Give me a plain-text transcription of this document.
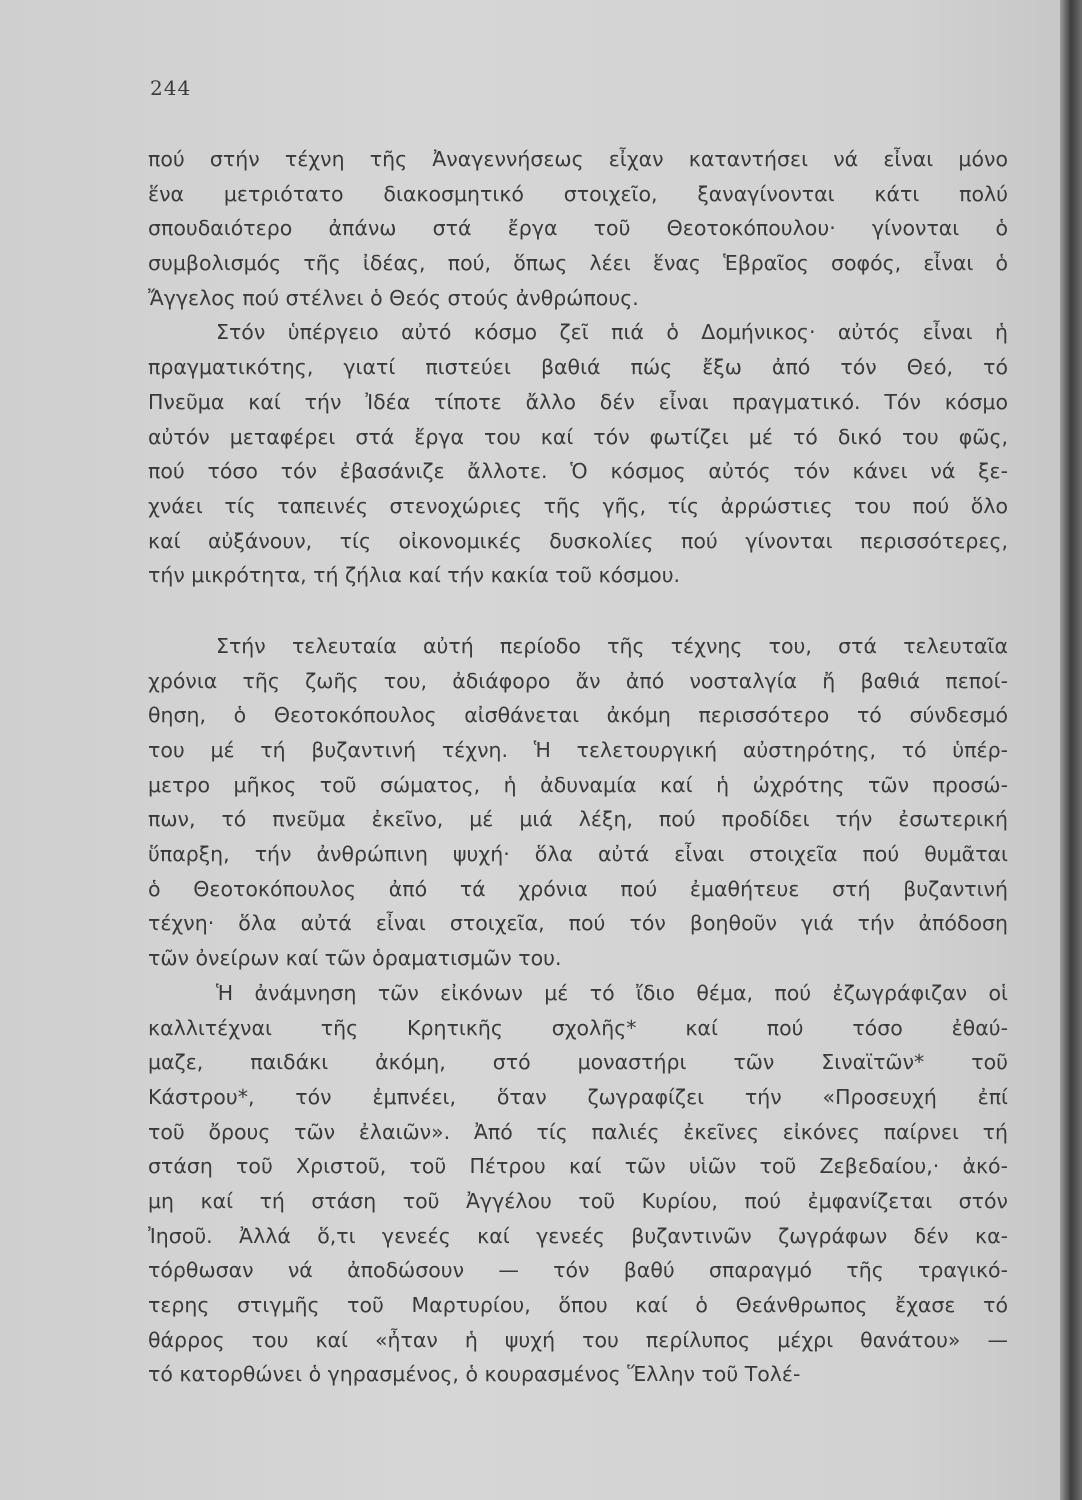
244
πού στήν τέχνη τῆς Ἀναγεννήσεως εἶχαν καταντήσει νά εἶναι μόνο
ἕνα μετριότατο διακοσμητικό στοιχεῖο, ξαναγίνονται κάτι πολύ
σπουδαιότερο ἀπάνω στά ἔργα τοῦ Θεοτοκόπουλου· γίνονται ὁ
συμβολισμός τῆς ἰδέας, πού, ὅπως λέει ἕνας Ἑβραῖος σοφός, εἶναι ὁ
Ἄγγελος πού στέλνει ὁ Θεός στούς ἀνθρώπους.
Στόν ὑπέργειο αὐτό κόσμο ζεῖ πιά ὁ Δομήνικος· αὐτός εἶναι ἡ
πραγματικότης, γιατί πιστεύει βαθιά πώς ἔξω ἀπό τόν Θεό, τό
Πνεῦμα καί τήν Ἰδέα τίποτε ἄλλο δέν εἶναι πραγματικό. Τόν κόσμο
αὐτόν μεταφέρει στά ἔργα του καί τόν φωτίζει μέ τό δικό του φῶς,
πού τόσο τόν ἐβασάνιζε ἄλλοτε. Ὁ κόσμος αὐτός τόν κάνει νά ξε-
χνάει τίς ταπεινές στενοχώριες τῆς γῆς, τίς ἀρρώστιες του πού ὅλο
καί αὐξάνουν, τίς οἰκονομικές δυσκολίες πού γίνονται περισσότερες,
τήν μικρότητα, τή ζήλια καί τήν κακία τοῦ κόσμου.
Στήν τελευταία αὐτή περίοδο τῆς τέχνης του, στά τελευταῖα
χρόνια τῆς ζωῆς του, ἀδιάφορο ἄν ἀπό νοσταλγία ἤ βαθιά πεποί-
θηση, ὁ Θεοτοκόπουλος αἰσθάνεται ἀκόμη περισσότερο τό σύνδεσμό
του μέ τή βυζαντινή τέχνη. Ἡ τελετουργική αὐστηρότης, τό ὑπέρ-
μετρο μῆκος τοῦ σώματος, ἡ ἀδυναμία καί ἡ ὠχρότης τῶν προσώ-
πων, τό πνεῦμα ἐκεῖνο, μέ μιά λέξη, πού προδίδει τήν ἐσωτερική
ὕπαρξη, τήν ἀνθρώπινη ψυχή· ὅλα αὐτά εἶναι στοιχεῖα πού θυμᾶται
ὁ Θεοτοκόπουλος ἀπό τά χρόνια πού ἐμαθήτευε στή βυζαντινή
τέχνη· ὅλα αὐτά εἶναι στοιχεῖα, πού τόν βοηθοῦν γιά τήν ἀπόδοση
τῶν ὀνείρων καί τῶν ὁραματισμῶν του.
Ἡ ἀνάμνηση τῶν εἰκόνων μέ τό ἴδιο θέμα, πού ἐζωγράφιζαν οἱ
καλλιτέχναι τῆς Κρητικῆς σχολῆς* καί πού τόσο ἐθαύ-
μαζε, παιδάκι ἀκόμη, στό μοναστήρι τῶν Σιναϊτῶν* τοῦ
Κάστρου*, τόν ἐμπνέει, ὅταν ζωγραφίζει τήν «Προσευχή ἐπί
τοῦ ὄρους τῶν ἐλαιῶν». Ἀπό τίς παλιές ἐκεῖνες εἰκόνες παίρνει τή
στάση τοῦ Χριστοῦ, τοῦ Πέτρου καί τῶν υἱῶν τοῦ Ζεβεδαίου,· ἀκό-
μη καί τή στάση τοῦ Ἀγγέλου τοῦ Κυρίου, πού ἐμφανίζεται στόν
Ἰησοῦ. Ἀλλά ὅ,τι γενεές καί γενεές βυζαντινῶν ζωγράφων δέν κα-
τόρθωσαν νά ἀποδώσουν — τόν βαθύ σπαραγμό τῆς τραγικό-
τερης στιγμῆς τοῦ Μαρτυρίου, ὅπου καί ὁ Θεάνθρωπος ἔχασε τό
θάρρος του καί «ἦταν ἡ ψυχή του περίλυπος μέχρι θανάτου» —
τό κατορθώνει ὁ γηρασμένος, ὁ κουρασμένος Ἕλλην τοῦ Τολέ-
